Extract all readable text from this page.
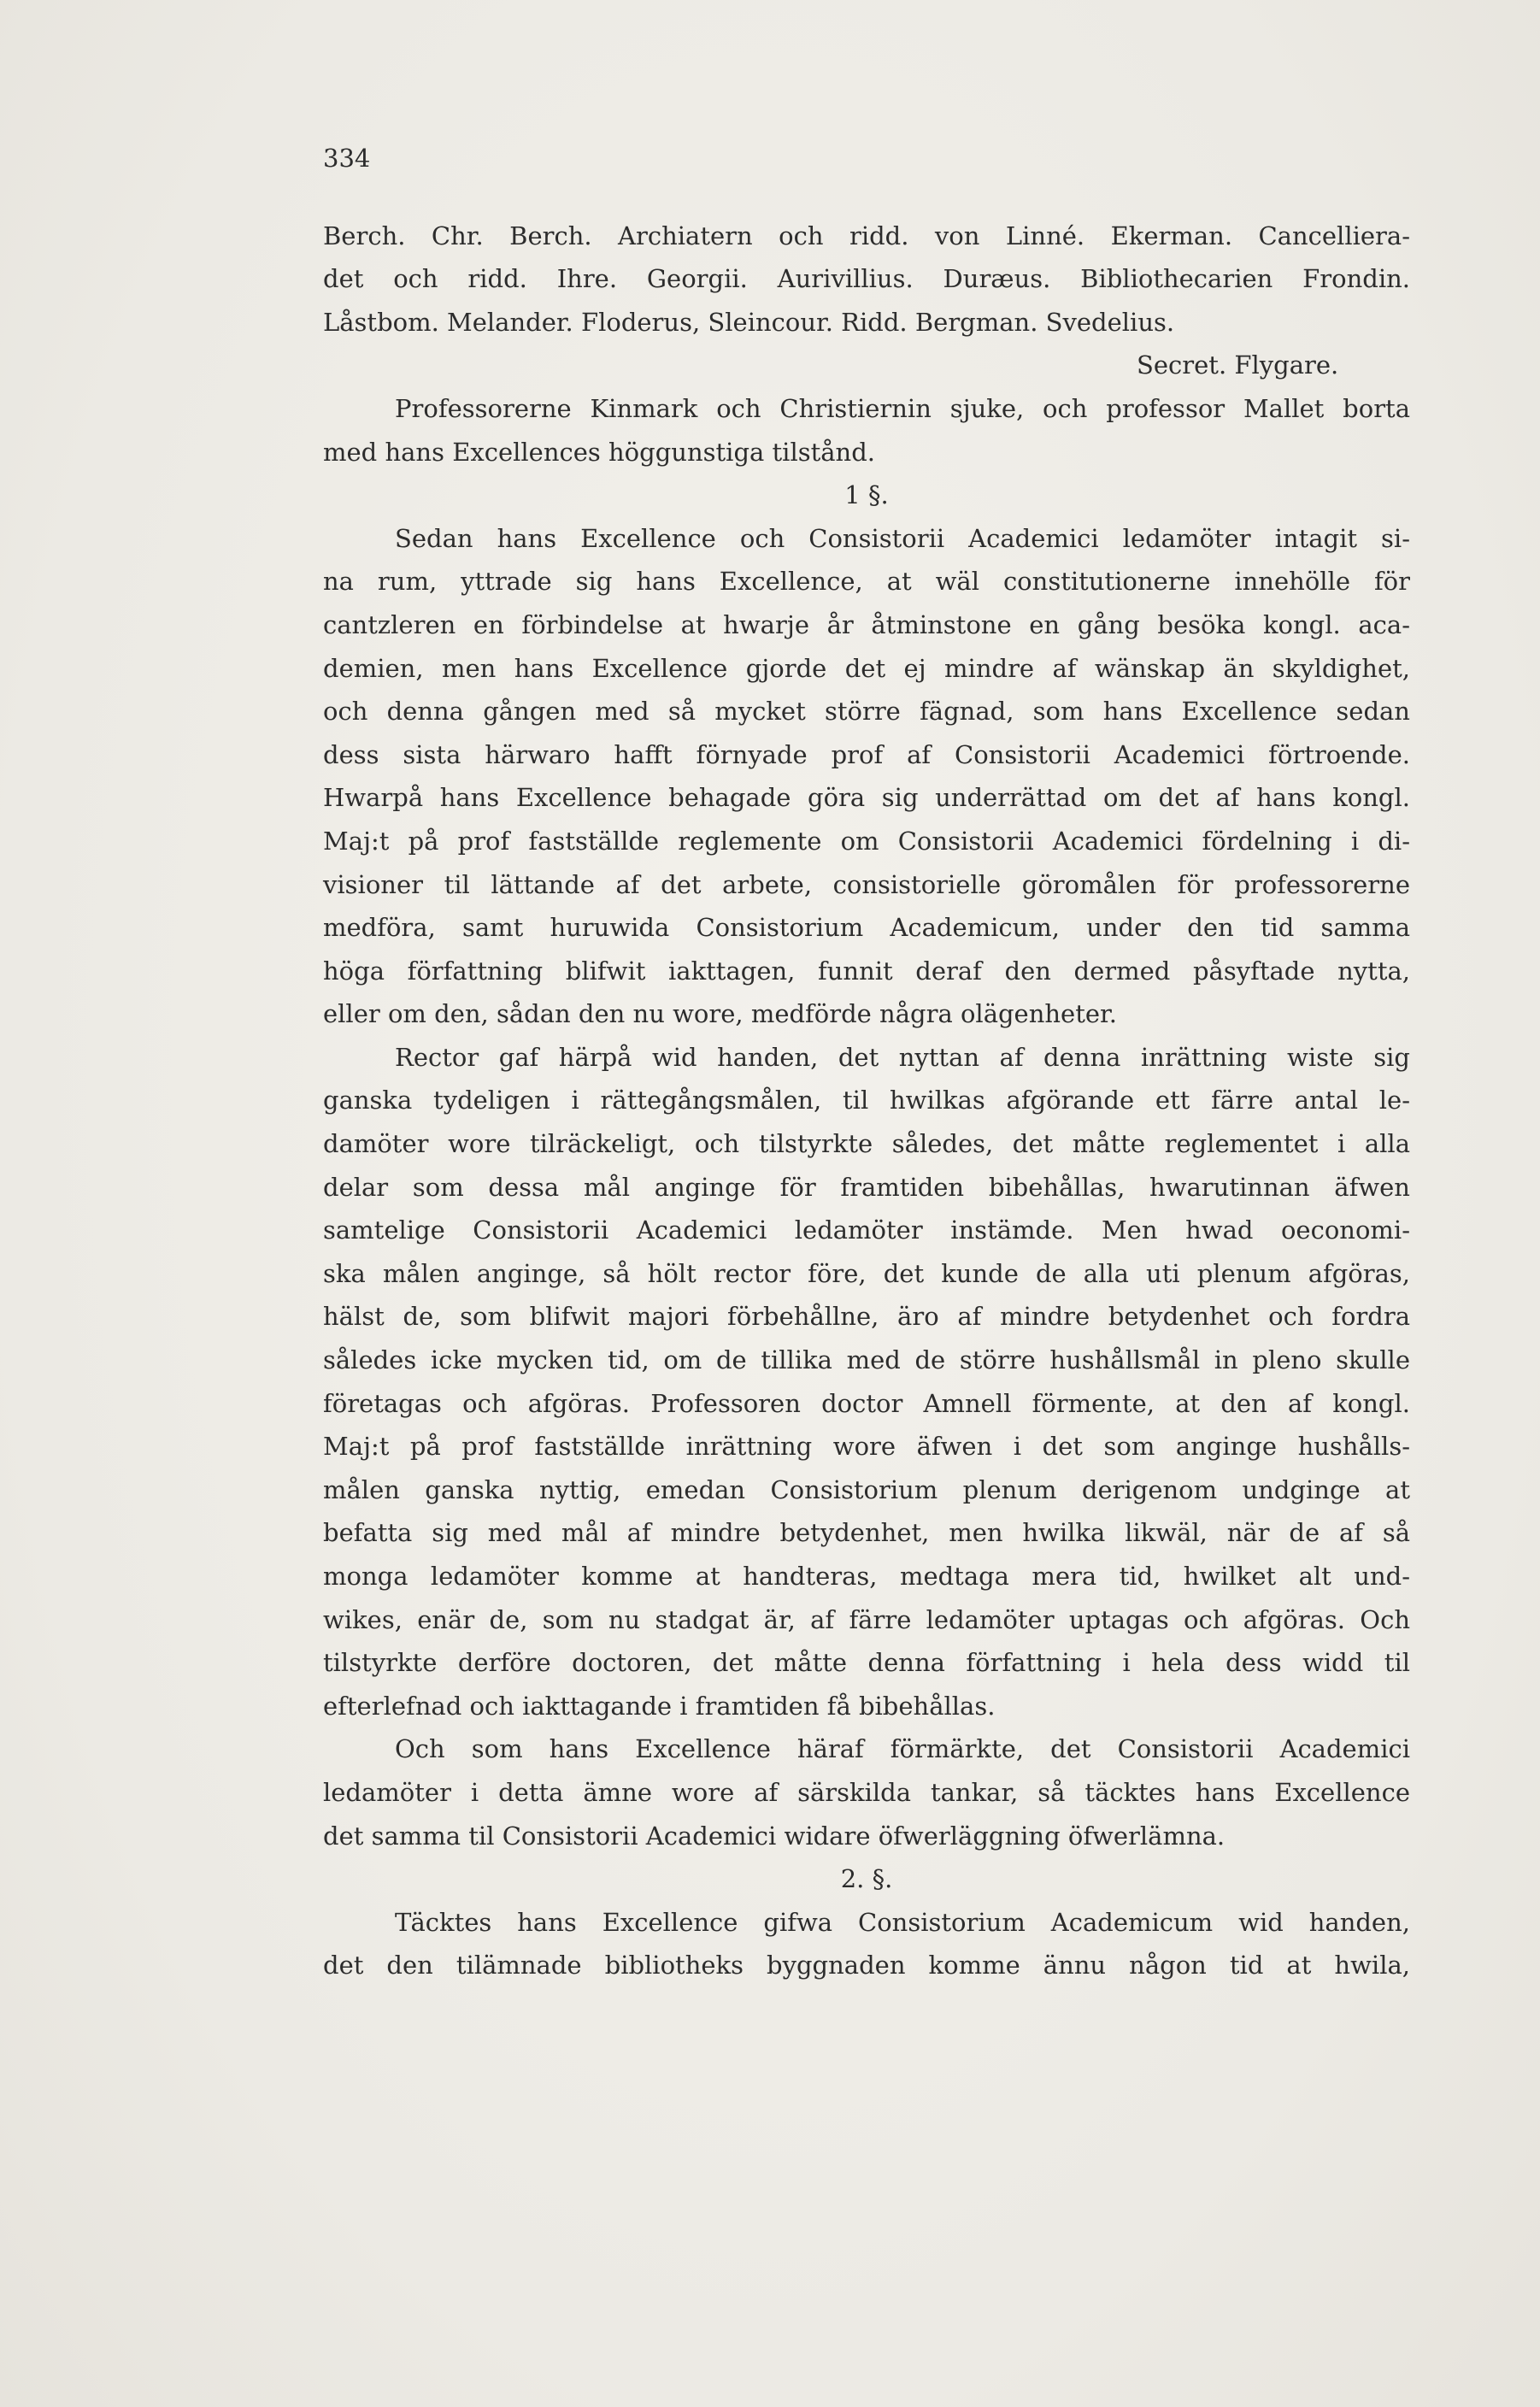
334
Berch. Chr. Berch. Archiatern och ridd. von Linné. Ekerman. Cancelliera-
det och ridd. Ihre. Georgii. Aurivillius. Duræus. Bibliothecarien Frondin.
Låstbom. Melander. Floderus, Sleincour. Ridd. Bergman. Svedelius.
Secret. Flygare.
Professorerne Kinmark och Christiernin sjuke, och professor Mallet borta
med hans Excellences höggunstiga tilstånd.
1 §.
Sedan hans Excellence och Consistorii Academici ledamöter intagit si-
na rum, yttrade sig hans Excellence, at wäl constitutionerne innehölle för
cantzleren en förbindelse at hwarje år åtminstone en gång besöka kongl. aca-
demien, men hans Excellence gjorde det ej mindre af wänskap än skyldighet,
och denna gången med så mycket större fägnad, som hans Excellence sedan
dess sista härwaro hafft förnyade prof af Consistorii Academici förtroende.
Hwarpå hans Excellence behagade göra sig underrättad om det af hans kongl.
Maj:t på prof fastställde reglemente om Consistorii Academici fördelning i di-
visioner til lättande af det arbete, consistorielle göromålen för professorerne
medföra, samt huruwida Consistorium Academicum, under den tid samma
höga författning blifwit iakttagen, funnit deraf den dermed påsyftade nytta,
eller om den, sådan den nu wore, medförde några olägenheter.
Rector gaf härpå wid handen, det nyttan af denna inrättning wiste sig
ganska tydeligen i rättegångsmålen, til hwilkas afgörande ett färre antal le-
damöter wore tilräckeligt, och tilstyrkte således, det måtte reglementet i alla
delar som dessa mål anginge för framtiden bibehållas, hwarutinnan äfwen
samtelige Consistorii Academici ledamöter instämde. Men hwad oeconomi-
ska målen anginge, så hölt rector före, det kunde de alla uti plenum afgöras,
hälst de, som blifwit majori förbehållne, äro af mindre betydenhet och fordra
således icke mycken tid, om de tillika med de större hushållsmål in pleno skulle
företagas och afgöras. Professoren doctor Amnell förmente, at den af kongl.
Maj:t på prof fastställde inrättning wore äfwen i det som anginge hushålls-
målen ganska nyttig, emedan Consistorium plenum derigenom undginge at
befatta sig med mål af mindre betydenhet, men hwilka likwäl, när de af så
monga ledamöter komme at handteras, medtaga mera tid, hwilket alt und-
wikes, enär de, som nu stadgat är, af färre ledamöter uptagas och afgöras. Och
tilstyrkte derföre doctoren, det måtte denna författning i hela dess widd til
efterlefnad och iakttagande i framtiden få bibehållas.
Och som hans Excellence häraf förmärkte, det Consistorii Academici
ledamöter i detta ämne wore af särskilda tankar, så täcktes hans Excellence
det samma til Consistorii Academici widare öfwerläggning öfwerlämna.
2. §.
Täcktes hans Excellence gifwa Consistorium Academicum wid handen,
det den tilämnade bibliotheks byggnaden komme ännu någon tid at hwila,
